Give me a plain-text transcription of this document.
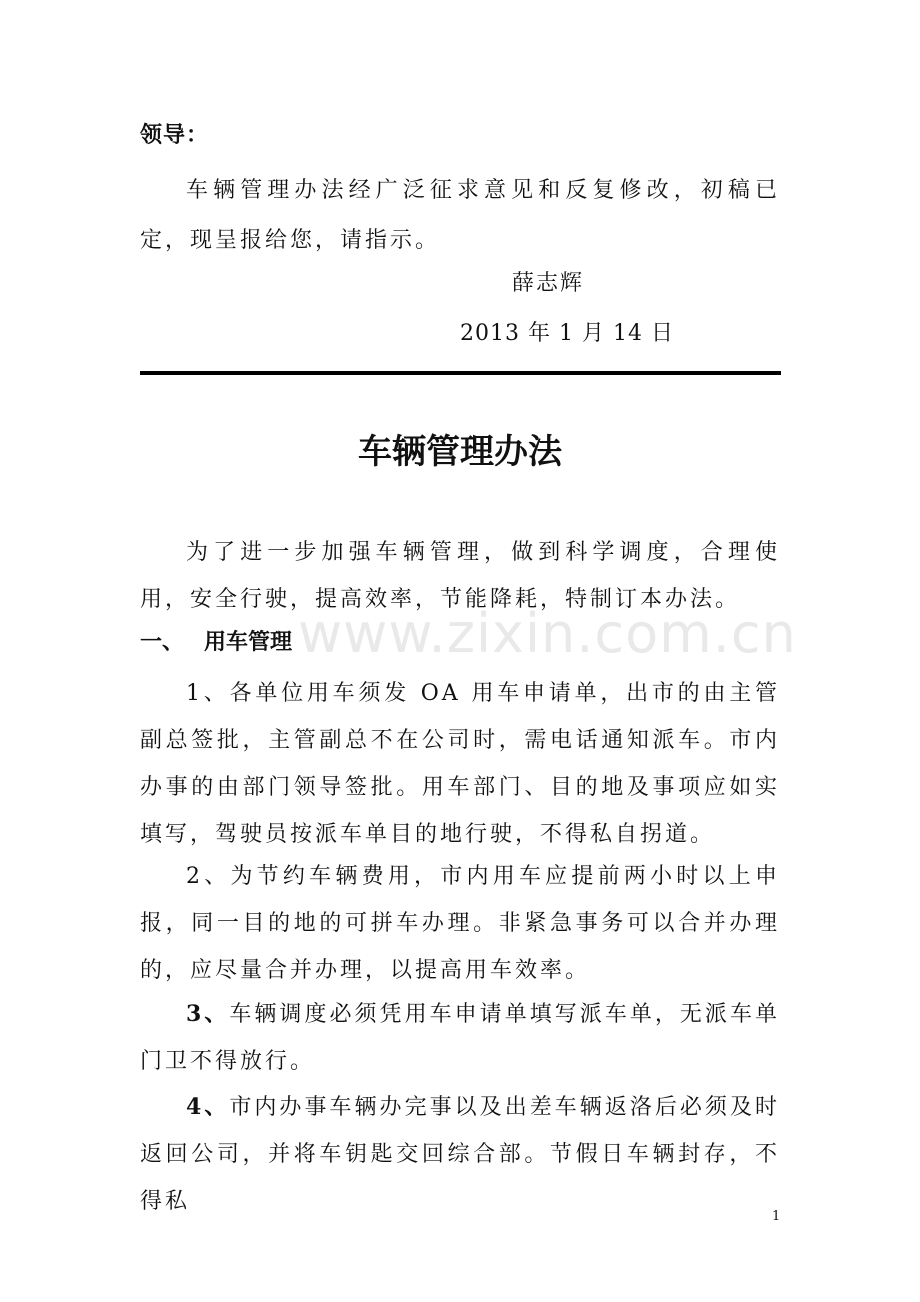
领导：
车辆管理办法经广泛征求意见和反复修改，初稿已定，现呈报给您，请指示。
薛志辉
2013 年 1 月 14 日
车辆管理办法
为了进一步加强车辆管理，做到科学调度，合理使用，安全行驶，提高效率，节能降耗，特制订本办法。
一、 用车管理
1、各单位用车须发 OA 用车申请单，出市的由主管副总签批，主管副总不在公司时，需电话通知派车。市内办事的由部门领导签批。用车部门、目的地及事项应如实填写，驾驶员按派车单目的地行驶，不得私自拐道。
2、为节约车辆费用，市内用车应提前两小时以上申报，同一目的地的可拼车办理。非紧急事务可以合并办理的，应尽量合并办理，以提高用车效率。
3、车辆调度必须凭用车申请单填写派车单，无派车单门卫不得放行。
4、市内办事车辆办完事以及出差车辆返洛后必须及时返回公司，并将车钥匙交回综合部。节假日车辆封存，不得私
www.zixin.com.cn
1
